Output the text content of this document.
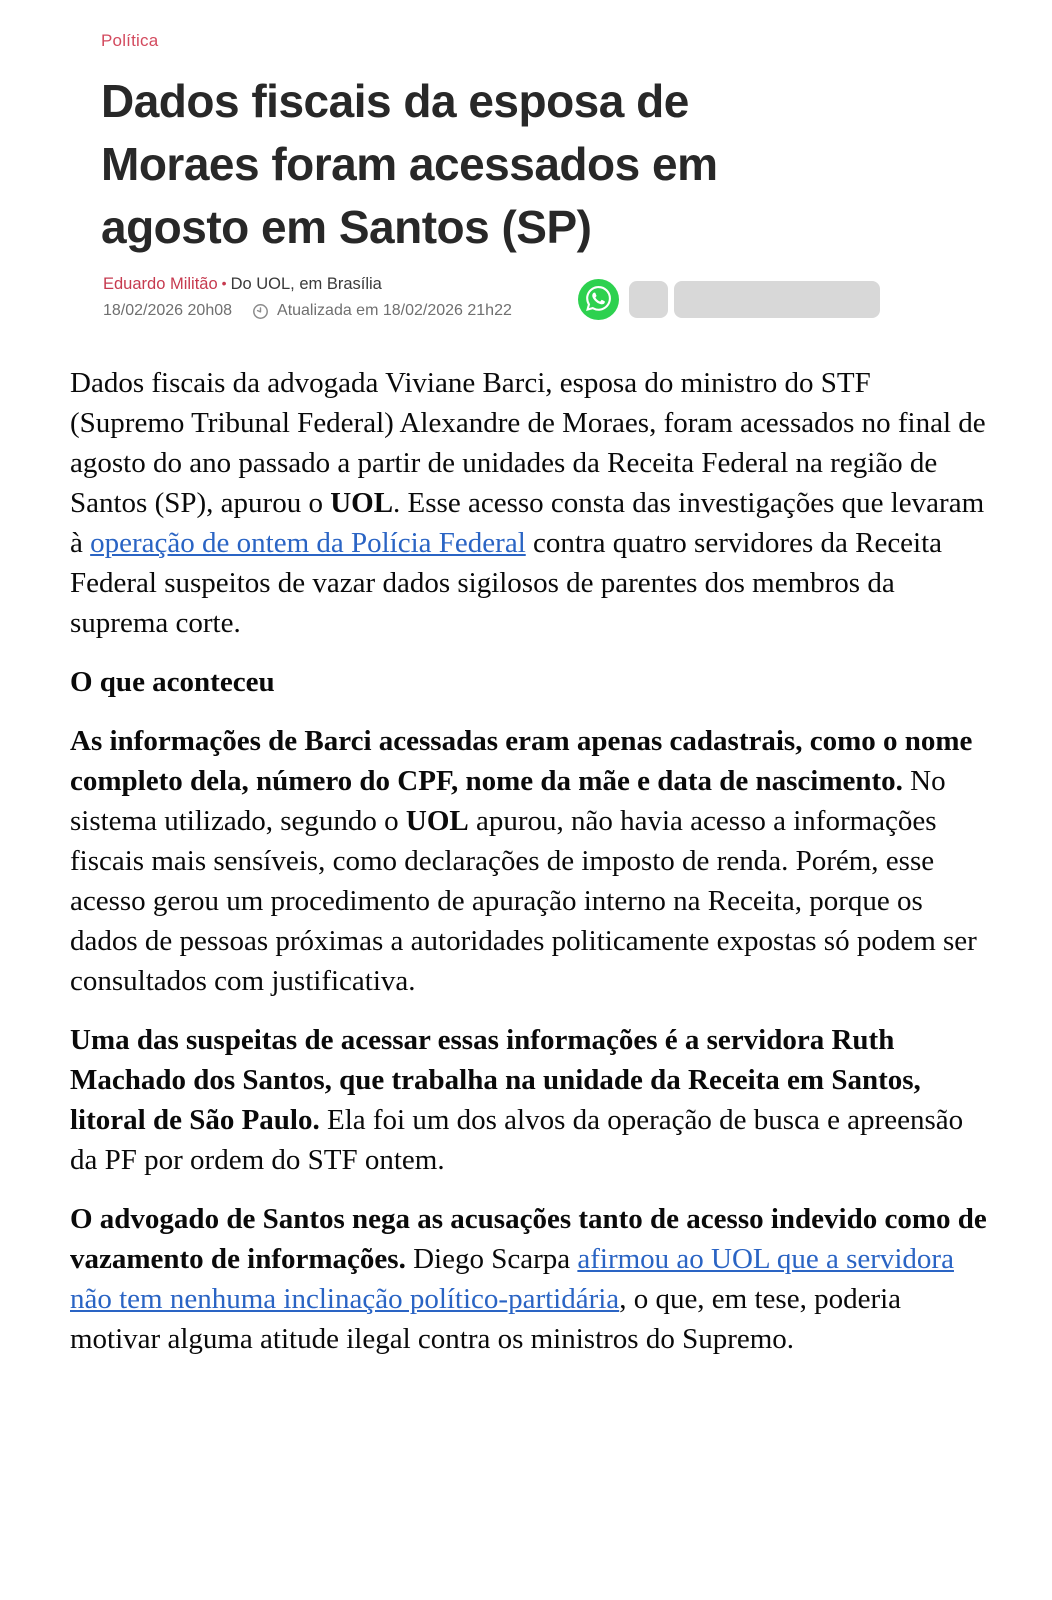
Política
Dados fiscais da esposa de Moraes foram acessados em agosto em Santos (SP)
Eduardo Militão • Do UOL, em Brasília
18/02/2026 20h08	Atualizada em 18/02/2026 21h22

Dados fiscais da advogada Viviane Barci, esposa do ministro do STF (Supremo Tribunal Federal) Alexandre de Moraes, foram acessados no final de agosto do ano passado a partir de unidades da Receita Federal na região de Santos (SP), apurou o UOL. Esse acesso consta das investigações que levaram à operação de ontem da Polícia Federal contra quatro servidores da Receita Federal suspeitos de vazar dados sigilosos de parentes dos membros da suprema corte.

O que aconteceu

As informações de Barci acessadas eram apenas cadastrais, como o nome completo dela, número do CPF, nome da mãe e data de nascimento. No sistema utilizado, segundo o UOL apurou, não havia acesso a informações fiscais mais sensíveis, como declarações de imposto de renda. Porém, esse acesso gerou um procedimento de apuração interno na Receita, porque os dados de pessoas próximas a autoridades politicamente expostas só podem ser consultados com justificativa.

Uma das suspeitas de acessar essas informações é a servidora Ruth Machado dos Santos, que trabalha na unidade da Receita em Santos, litoral de São Paulo. Ela foi um dos alvos da operação de busca e apreensão da PF por ordem do STF ontem.

O advogado de Santos nega as acusações tanto de acesso indevido como de vazamento de informações. Diego Scarpa afirmou ao UOL que a servidora não tem nenhuma inclinação político-partidária, o que, em tese, poderia motivar alguma atitude ilegal contra os ministros do Supremo.
